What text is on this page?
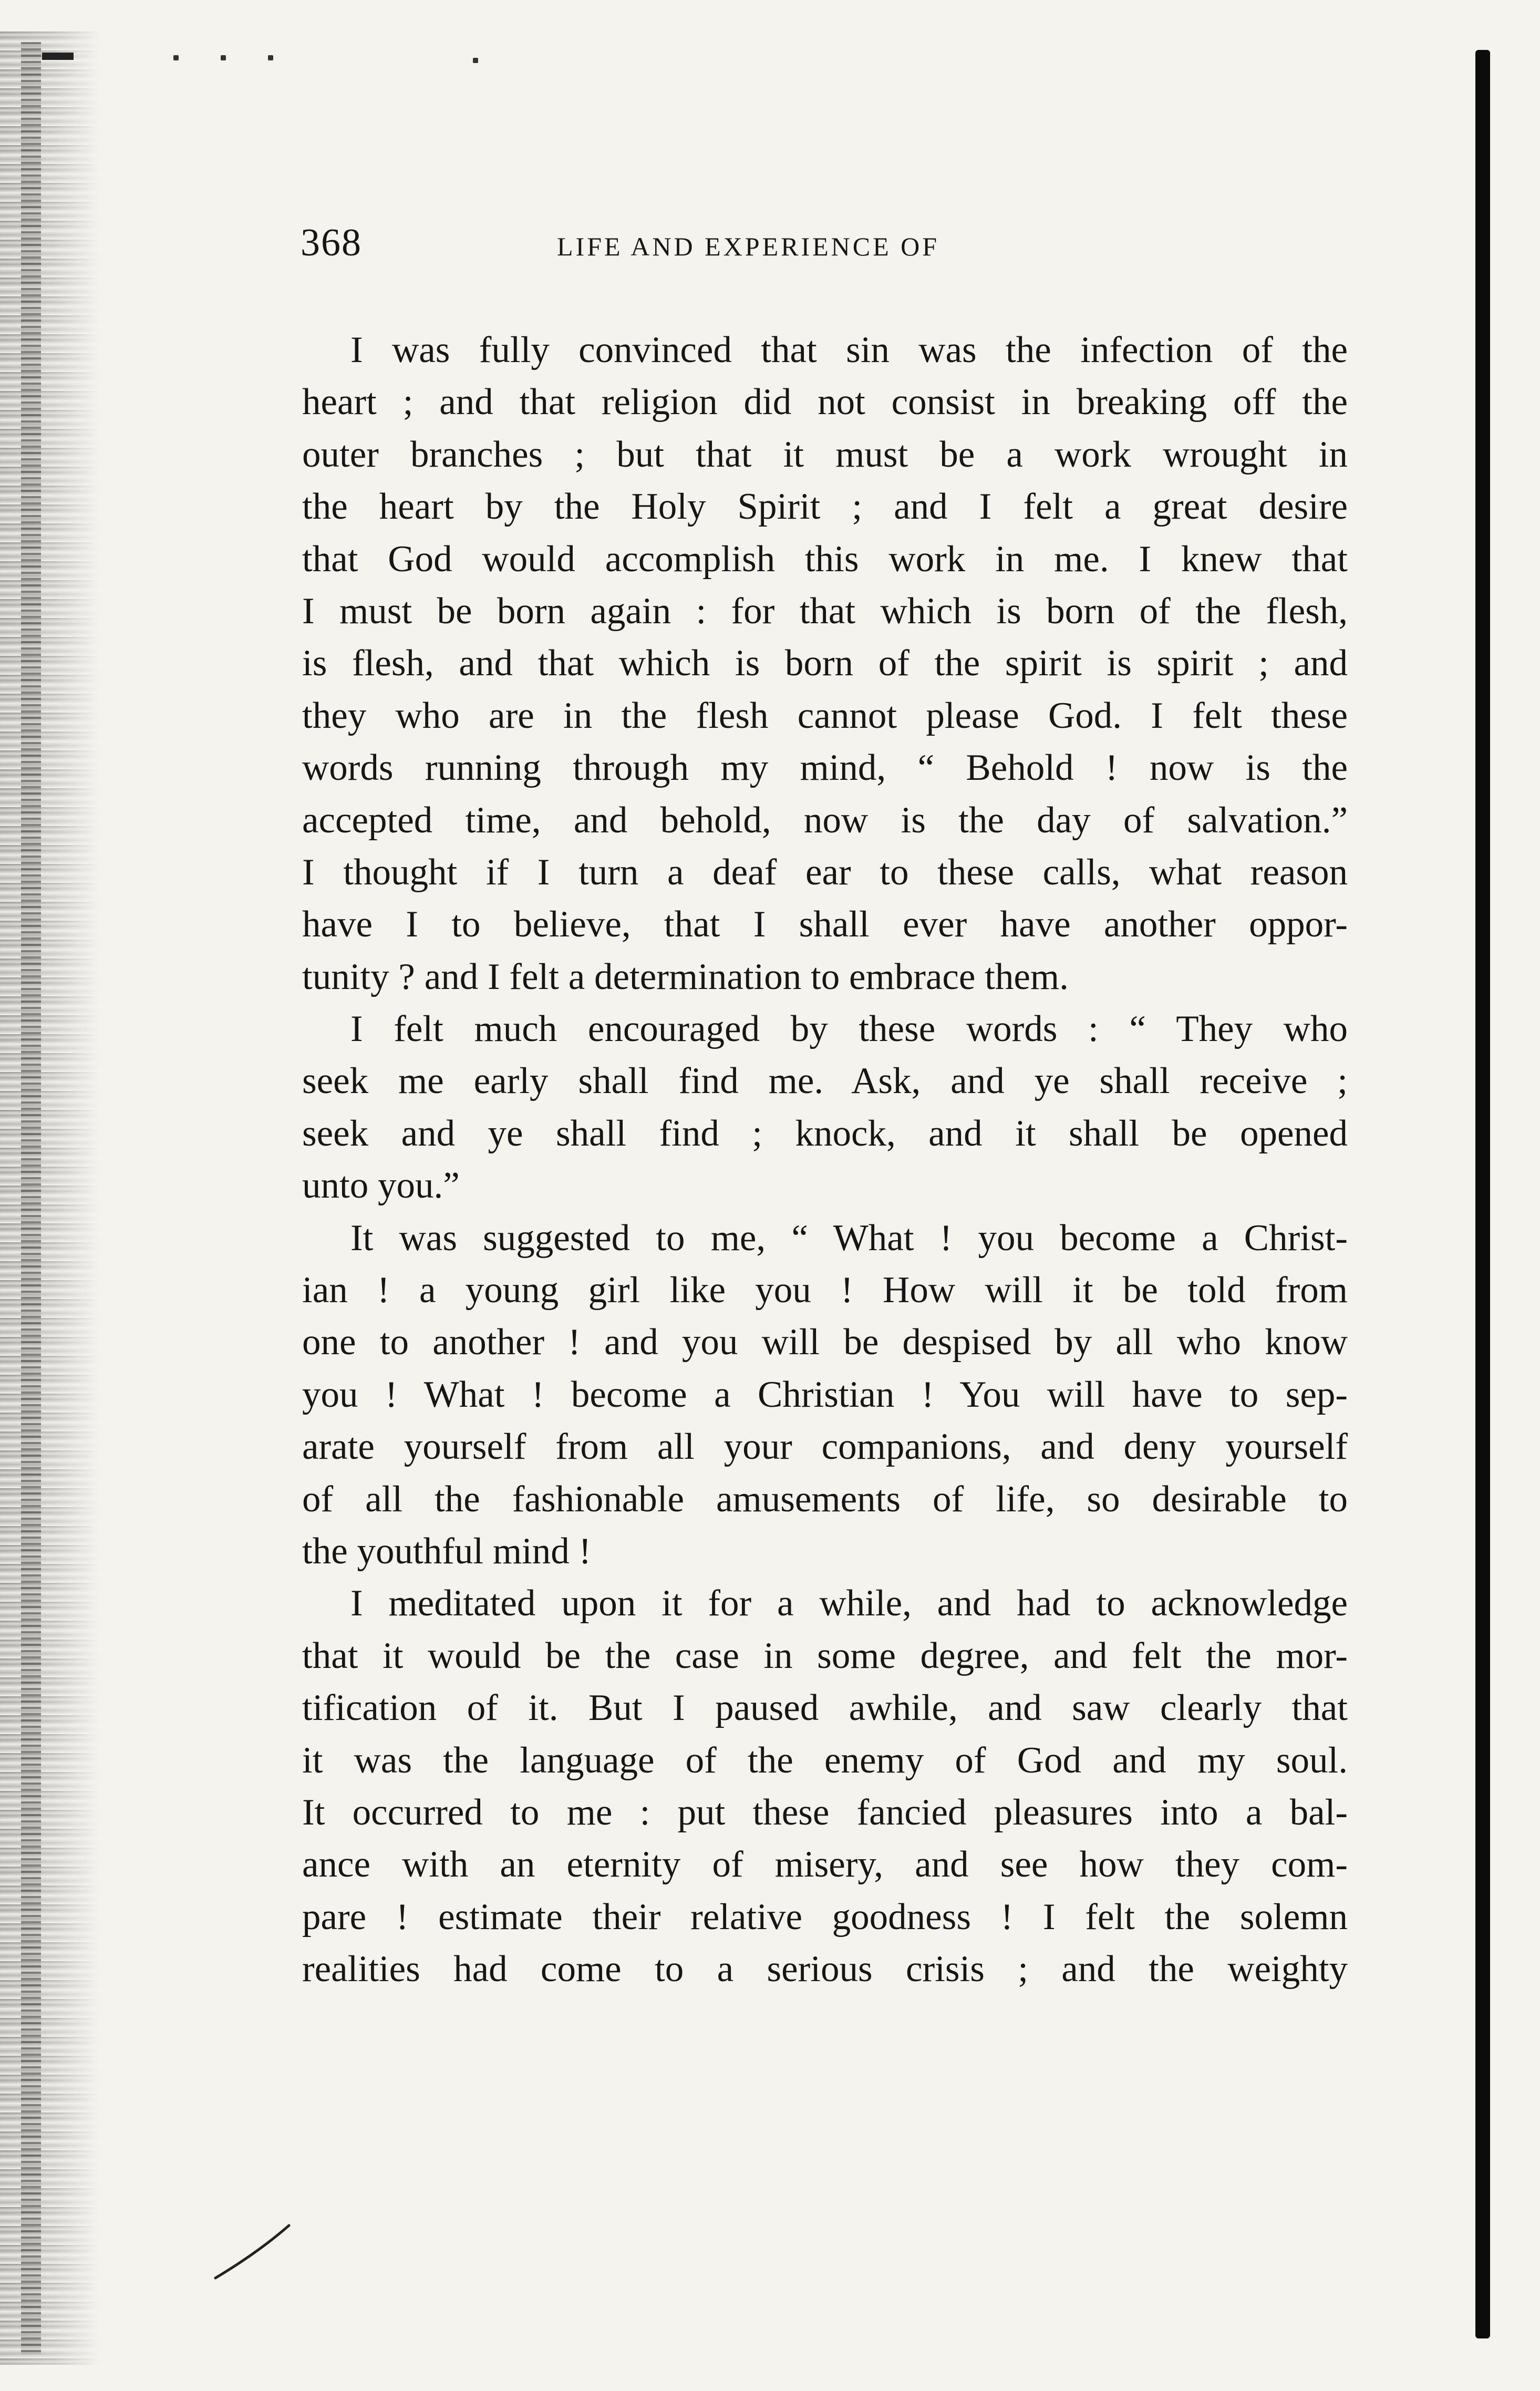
368	LIFE AND EXPERIENCE OF
I was fully convinced that sin was the infection of the
heart ; and that religion did not consist in breaking off the
outer branches ; but that it must be a work wrought in
the heart by the Holy Spirit ; and I felt a great desire
that God would accomplish this work in me. I knew that
I must be born again : for that which is born of the flesh,
is flesh, and that which is born of the spirit is spirit ; and
they who are in the flesh cannot please God. I felt these
words running through my mind, “ Behold ! now is the
accepted time, and behold, now is the day of salvation.”
I thought if I turn a deaf ear to these calls, what reason
have I to believe, that I shall ever have another oppor-
tunity ? and I felt a determination to embrace them.
I felt much encouraged by these words : “ They who
seek me early shall find me. Ask, and ye shall receive ;
seek and ye shall find ; knock, and it shall be opened
unto you.”
It was suggested to me, “ What ! you become a Christ-
ian ! a young girl like you ! How will it be told from
one to another ! and you will be despised by all who know
you ! What ! become a Christian ! You will have to sep-
arate yourself from all your companions, and deny yourself
of all the fashionable amusements of life, so desirable to
the youthful mind !
I meditated upon it for a while, and had to acknowledge
that it would be the case in some degree, and felt the mor-
tification of it. But I paused awhile, and saw clearly that
it was the language of the enemy of God and my soul.
It occurred to me : put these fancied pleasures into a bal-
ance with an eternity of misery, and see how they com-
pare ! estimate their relative goodness ! I felt the solemn
realities had come to a serious crisis ; and the weighty
